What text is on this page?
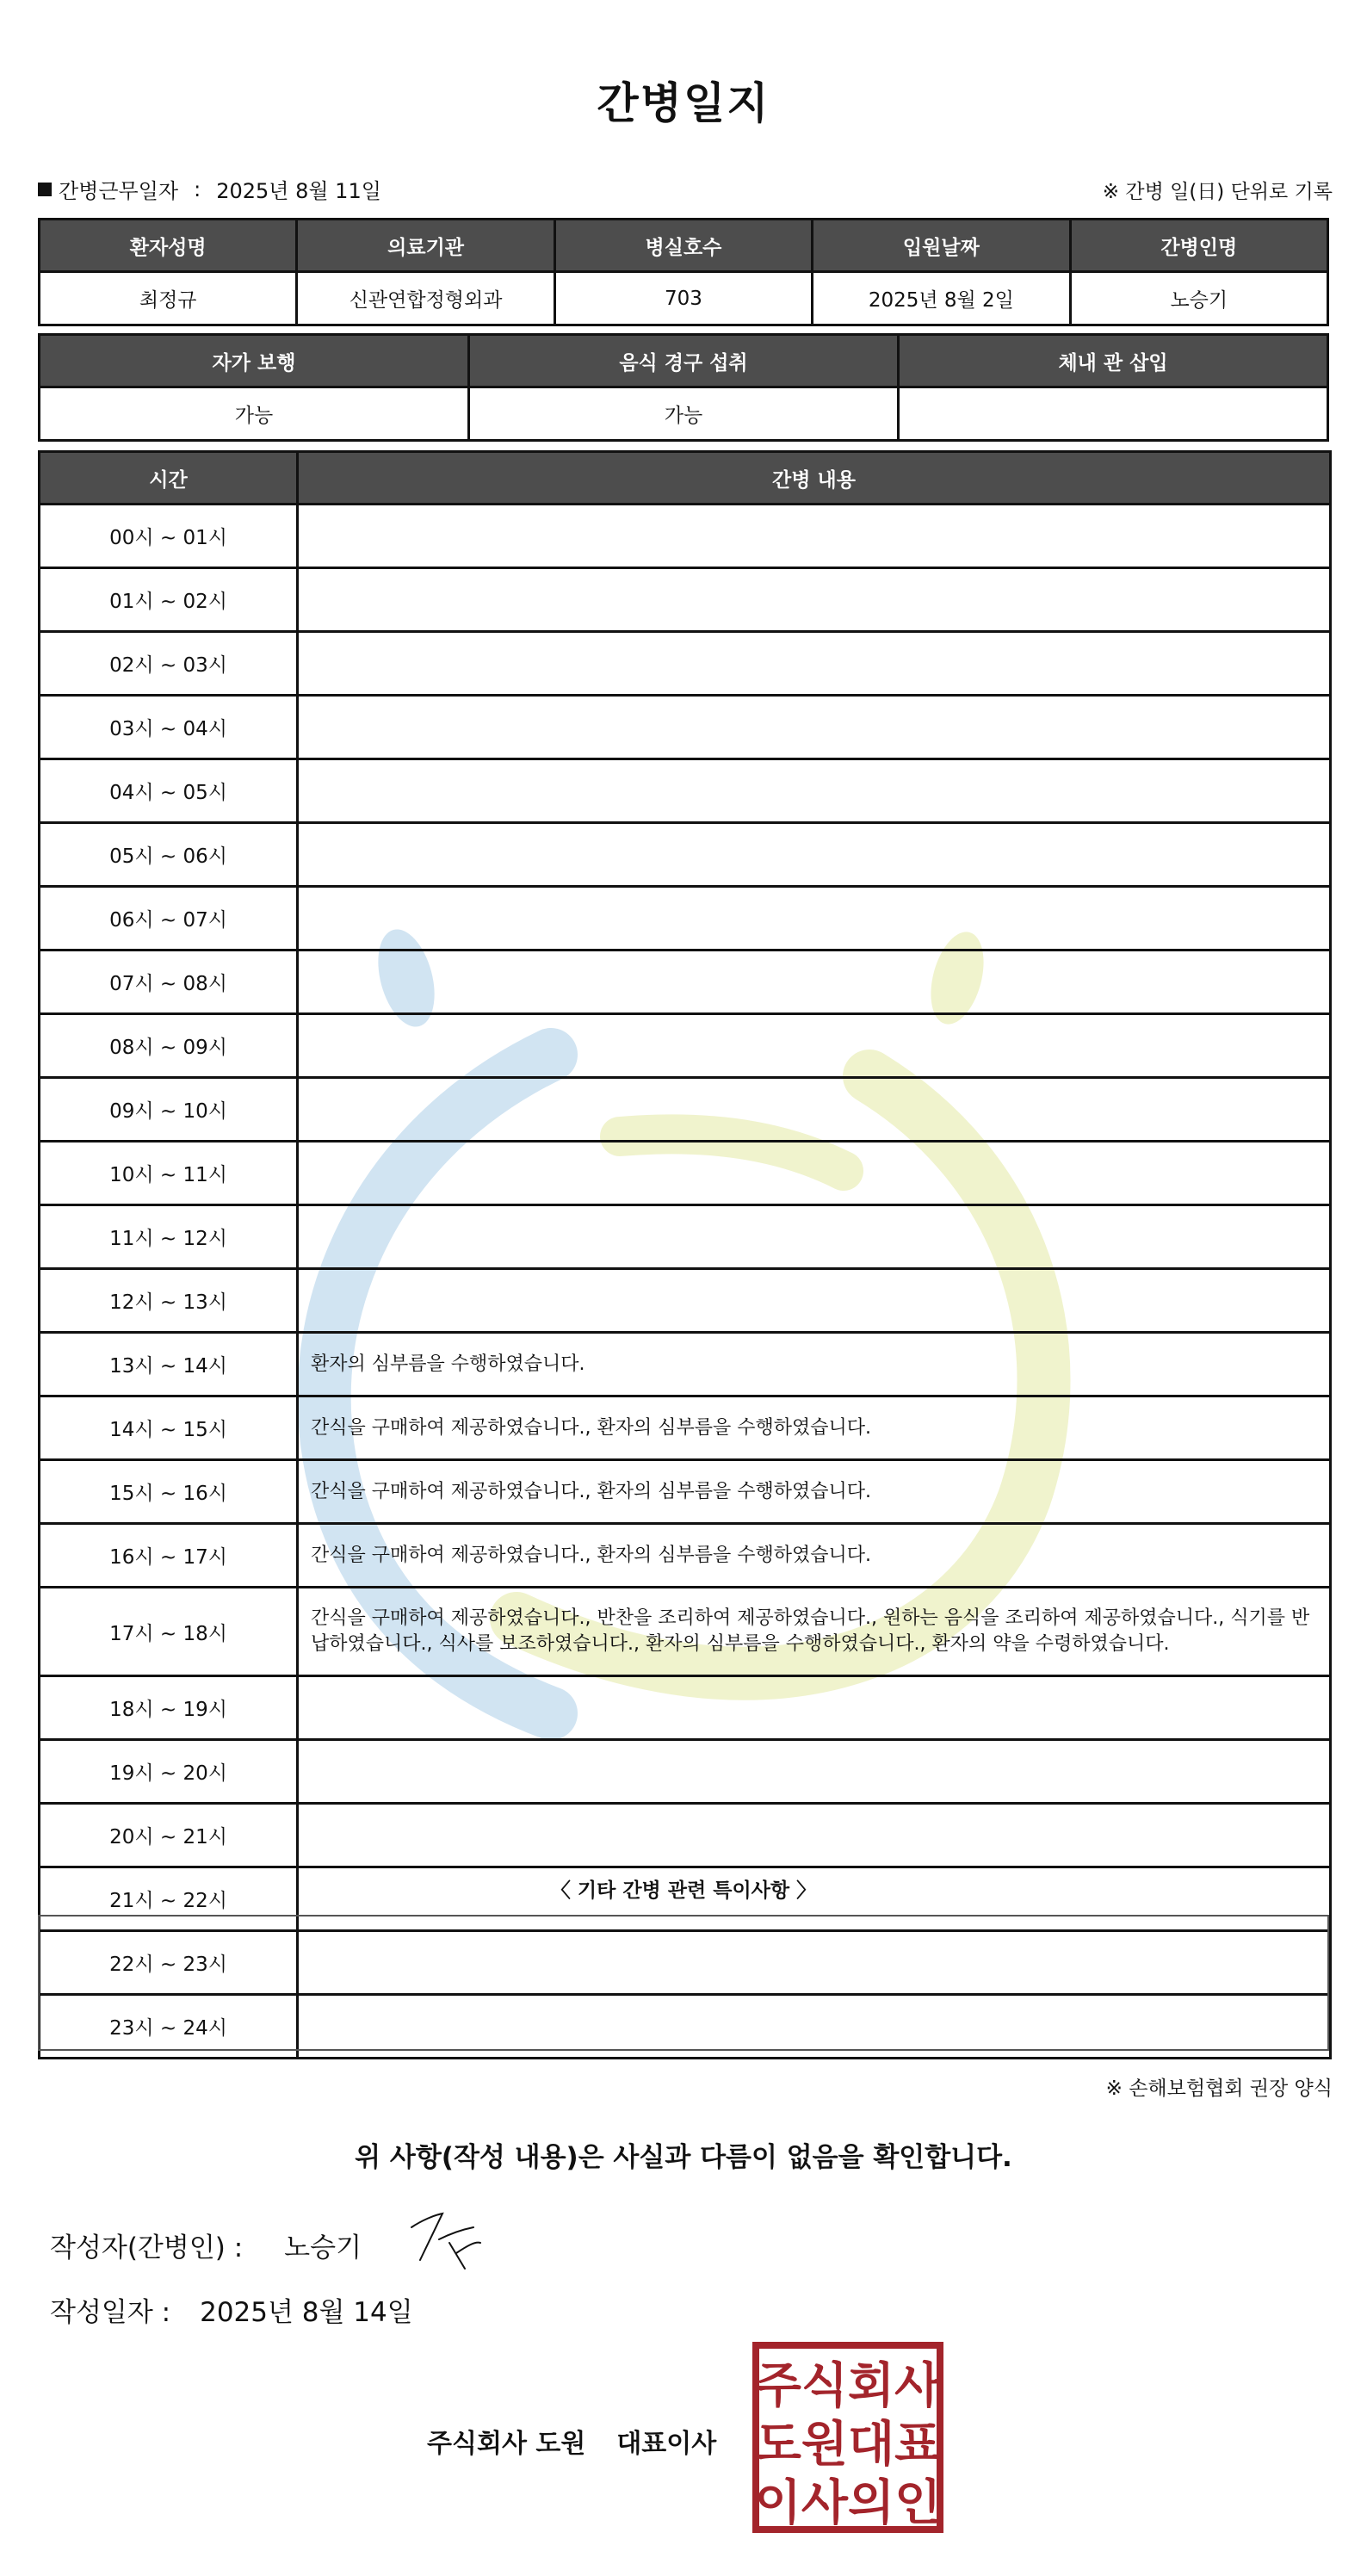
간병일지
간병근무일자 : 2025년 8월 11일	※ 간병 일(日) 단위로 기록
환자성명	의료기관	병실호수	입원날짜	간병인명
최정규	신관연합정형외과	703	2025년 8월 2일	노승기
자가 보행	음식 경구 섭취	체내 관 삽입
가능	가능	
시간	간병 내용
00시 ~ 01시	
01시 ~ 02시	
02시 ~ 03시	
03시 ~ 04시	
04시 ~ 05시	
05시 ~ 06시	
06시 ~ 07시	
07시 ~ 08시	
08시 ~ 09시	
09시 ~ 10시	
10시 ~ 11시	
11시 ~ 12시	
12시 ~ 13시	
13시 ~ 14시	환자의 심부름을 수행하였습니다.
14시 ~ 15시	간식을 구매하여 제공하였습니다., 환자의 심부름을 수행하였습니다.
15시 ~ 16시	간식을 구매하여 제공하였습니다., 환자의 심부름을 수행하였습니다.
16시 ~ 17시	간식을 구매하여 제공하였습니다., 환자의 심부름을 수행하였습니다.
17시 ~ 18시	간식을 구매하여 제공하였습니다., 반찬을 조리하여 제공하였습니다., 원하는 음식을 조리하여 제공하였습니다., 식기를 반납하였습니다., 식사를 보조하였습니다., 환자의 심부름을 수행하였습니다., 환자의 약을 수령하였습니다.
18시 ~ 19시	
19시 ~ 20시	
20시 ~ 21시	
21시 ~ 22시	
22시 ~ 23시	
23시 ~ 24시	
〈 기타 간병 관련 특이사항 〉
※ 손해보험협회 권장 양식
위 사항(작성 내용)은 사실과 다름이 없음을 확인합니다.
작성자(간병인) : 노승기
작성일자 : 2025년 8월 14일
주식회사 도원 대표이사
주식회사
도원대표
이사의인
